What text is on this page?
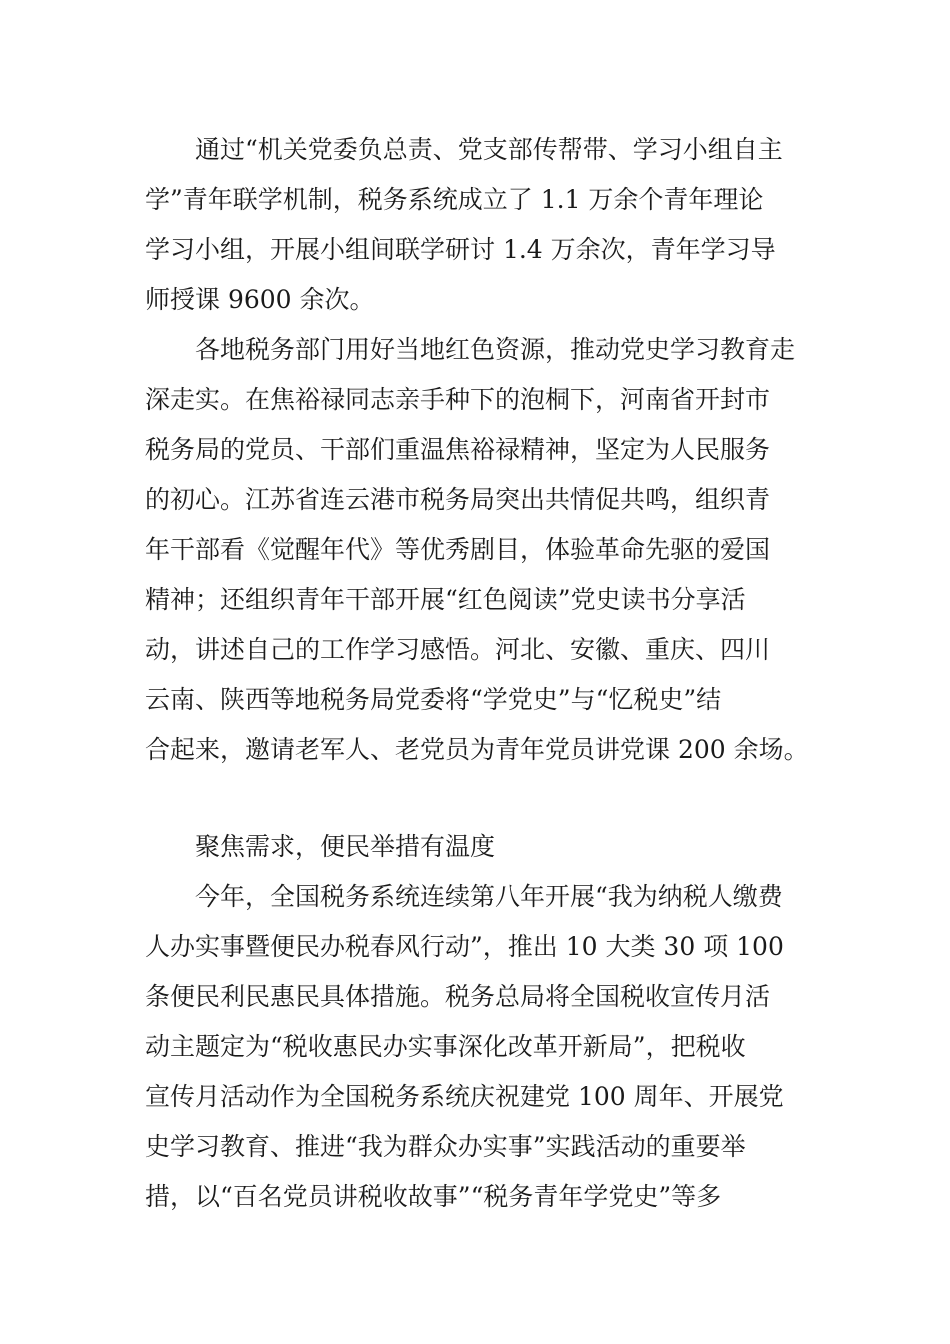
通过“机关党委负总责、党支部传帮带、学习小组自主
学”青年联学机制，税务系统成立了 1.1 万余个青年理论
学习小组，开展小组间联学研讨 1.4 万余次，青年学习导
师授课 9600 余次。
各地税务部门用好当地红色资源，推动党史学习教育走
深走实。在焦裕禄同志亲手种下的泡桐下，河南省开封市
税务局的党员、干部们重温焦裕禄精神，坚定为人民服务
的初心。江苏省连云港市税务局突出共情促共鸣，组织青
年干部看《觉醒年代》等优秀剧目，体验革命先驱的爱国
精神；还组织青年干部开展“红色阅读”党史读书分享活
动，讲述自己的工作学习感悟。河北、安徽、重庆、四川
云南、陕西等地税务局党委将“学党史”与“忆税史”结
合起来，邀请老军人、老党员为青年党员讲党课 200 余场。
聚焦需求，便民举措有温度
今年，全国税务系统连续第八年开展“我为纳税人缴费
人办实事暨便民办税春风行动”，推出 10 大类 30 项 100
条便民利民惠民具体措施。税务总局将全国税收宣传月活
动主题定为“税收惠民办实事深化改革开新局”，把税收
宣传月活动作为全国税务系统庆祝建党 100 周年、开展党
史学习教育、推进“我为群众办实事”实践活动的重要举
措，以“百名党员讲税收故事”“税务青年学党史”等多
